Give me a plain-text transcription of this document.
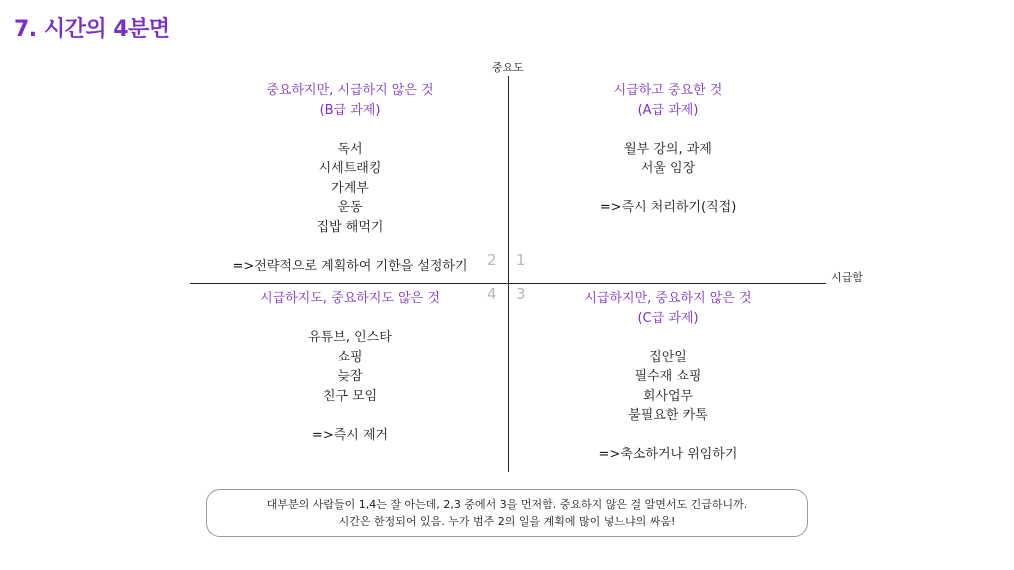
7. 시간의 4분면
중요도
시급함
2 1
4 3
중요하지만, 시급하지 않은 것
(B급 과제)
독서
시세트래킹
가계부
운동
집밥 해먹기
=>전략적으로 계획하여 기한을 설정하기
시급하고 중요한 것
(A급 과제)
월부 강의, 과제
서울 임장
=>즉시 처리하기(직접)
시급하지도, 중요하지도 않은 것
유튜브, 인스타
쇼핑
늦잠
친구 모임
=>즉시 제거
시급하지만, 중요하지 않은 것
(C급 과제)
집안일
필수재 쇼핑
회사업무
불필요한 카톡
=>축소하거나 위임하기
대부분의 사람들이 1,4는 잘 아는데, 2,3 중에서 3을 먼저함. 중요하지 않은 걸 알면서도 긴급하니까.
시간은 한정되어 있음. 누가 범주 2의 일을 계획에 많이 넣느냐의 싸움!
